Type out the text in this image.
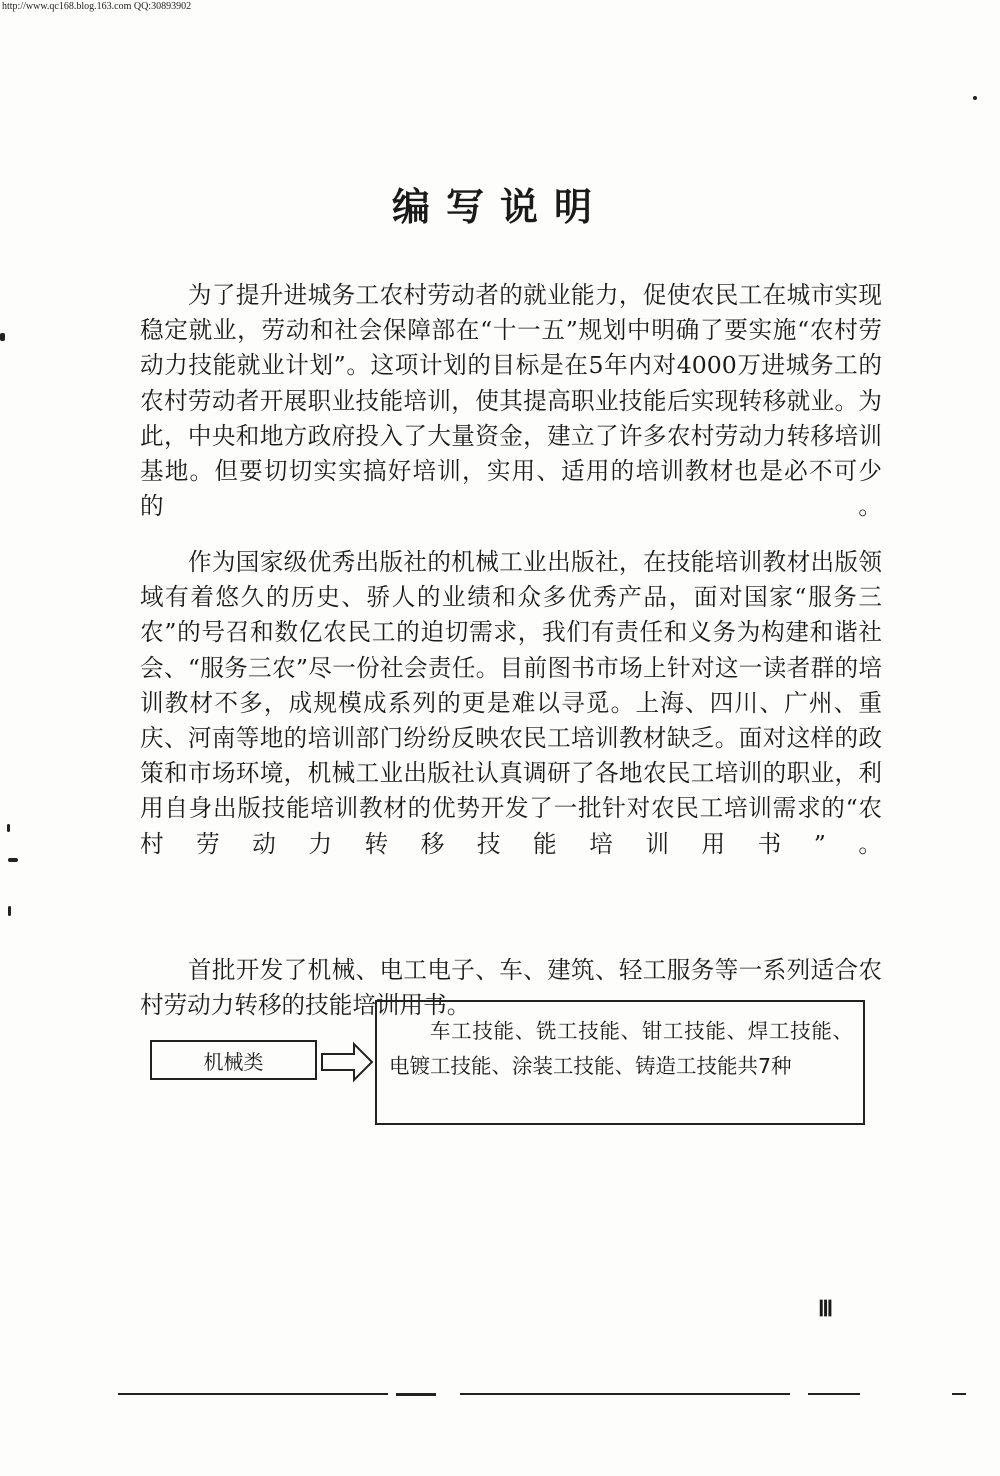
http://www.qc168.blog.163.com QQ:30893902
编写说明

　　为了提升进城务工农村劳动者的就业能力，促使农民工在城市实现稳定就业，劳动和社会保障部在“十一五”规划中明确了要实施“农村劳动力技能就业计划”。这项计划的目标是在5年内对4000万进城务工的农村劳动者开展职业技能培训，使其提高职业技能后实现转移就业。为此，中央和地方政府投入了大量资金，建立了许多农村劳动力转移培训基地。但要切切实实搞好培训，实用、适用的培训教材也是必不可少的。

　　作为国家级优秀出版社的机械工业出版社，在技能培训教材出版领域有着悠久的历史、骄人的业绩和众多优秀产品，面对国家“服务三农”的号召和数亿农民工的迫切需求，我们有责任和义务为构建和谐社会、“服务三农”尽一份社会责任。目前图书市场上针对这一读者群的培训教材不多，成规模成系列的更是难以寻觅。上海、四川、广州、重庆、河南等地的培训部门纷纷反映农民工培训教材缺乏。面对这样的政策和市场环境，机械工业出版社认真调研了各地农民工培训的职业，利用自身出版技能培训教材的优势开发了一批针对农民工培训需求的“农村劳动力转移技能培训用书”。

　　首批开发了机械、电工电子、车、建筑、轻工服务等一系列适合农村劳动力转移的技能培训用书。

机械类
车工技能、铣工技能、钳工技能、焊工技能、电镀工技能、涂装工技能、铸造工技能共7种
Ⅲ
